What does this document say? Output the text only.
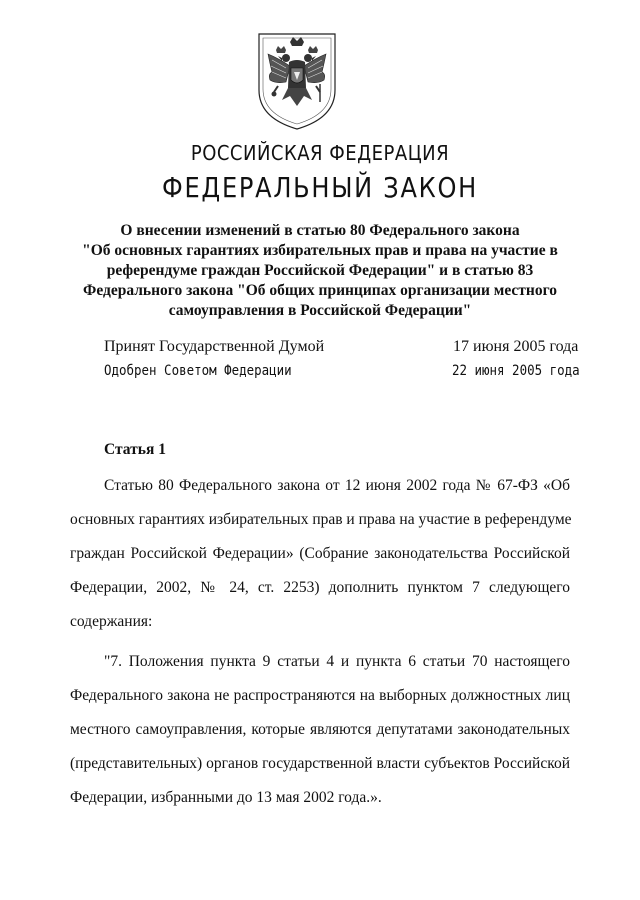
РОССИЙСКАЯ ФЕДЕРАЦИЯ
ФЕДЕРАЛЬНЫЙ ЗАКОН
О внесении изменений в статью 80 Федерального закона
"Об основных гарантиях избирательных прав и права на участие в
референдуме граждан Российской Федерации" и в статью 83
Федерального закона "Об общих принципах организации местного
самоуправления в Российской Федерации"
Принят Государственной Думой	17 июня 2005 года
Одобрен Советом Федерации	22 июня 2005 года
Статья 1
Статью 80 Федерального закона от 12 июня 2002 года № 67-ФЗ «Об
основных гарантиях избирательных прав и права на участие в референдуме
граждан Российской Федерации» (Собрание законодательства Российской
Федерации, 2002, № 24, ст. 2253) дополнить пунктом 7 следующего
содержания:
"7. Положения пункта 9 статьи 4 и пункта 6 статьи 70 настоящего
Федерального закона не распространяются на выборных должностных лиц
местного самоуправления, которые являются депутатами законодательных
(представительных) органов государственной власти субъектов Российской
Федерации, избранными до 13 мая 2002 года.».
